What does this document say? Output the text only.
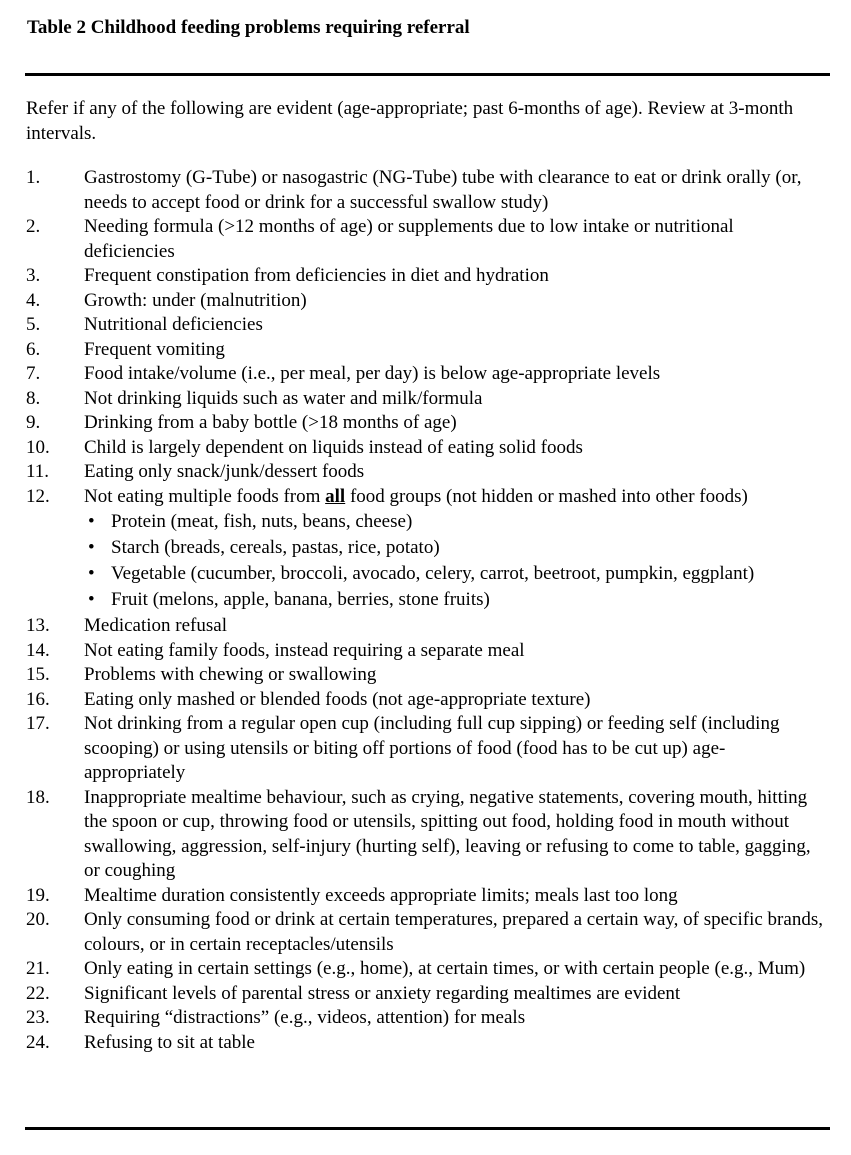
Table 2 Childhood feeding problems requiring referral
Refer if any of the following are evident (age-appropriate; past 6-months of age). Review at 3-month intervals.
1.	Gastrostomy (G-Tube) or nasogastric (NG-Tube) tube with clearance to eat or drink orally (or, needs to accept food or drink for a successful swallow study)
2.	Needing formula (>12 months of age) or supplements due to low intake or nutritional deficiencies
3.	Frequent constipation from deficiencies in diet and hydration
4.	Growth: under (malnutrition)
5.	Nutritional deficiencies
6.	Frequent vomiting
7.	Food intake/volume (i.e., per meal, per day) is below age-appropriate levels
8.	Not drinking liquids such as water and milk/formula
9.	Drinking from a baby bottle (>18 months of age)
10.	Child is largely dependent on liquids instead of eating solid foods
11.	Eating only snack/junk/dessert foods
12.	Not eating multiple foods from all food groups (not hidden or mashed into other foods)
• Protein (meat, fish, nuts, beans, cheese)
• Starch (breads, cereals, pastas, rice, potato)
• Vegetable (cucumber, broccoli, avocado, celery, carrot, beetroot, pumpkin, eggplant)
• Fruit (melons, apple, banana, berries, stone fruits)
13.	Medication refusal
14.	Not eating family foods, instead requiring a separate meal
15.	Problems with chewing or swallowing
16.	Eating only mashed or blended foods (not age-appropriate texture)
17.	Not drinking from a regular open cup (including full cup sipping) or feeding self (including scooping) or using utensils or biting off portions of food (food has to be cut up) age-appropriately
18.	Inappropriate mealtime behaviour, such as crying, negative statements, covering mouth, hitting the spoon or cup, throwing food or utensils, spitting out food, holding food in mouth without swallowing, aggression, self-injury (hurting self), leaving or refusing to come to table, gagging, or coughing
19.	Mealtime duration consistently exceeds appropriate limits; meals last too long
20.	Only consuming food or drink at certain temperatures, prepared a certain way, of specific brands, colours, or in certain receptacles/utensils
21.	Only eating in certain settings (e.g., home), at certain times, or with certain people (e.g., Mum)
22.	Significant levels of parental stress or anxiety regarding mealtimes are evident
23.	Requiring “distractions” (e.g., videos, attention) for meals
24.	Refusing to sit at table
